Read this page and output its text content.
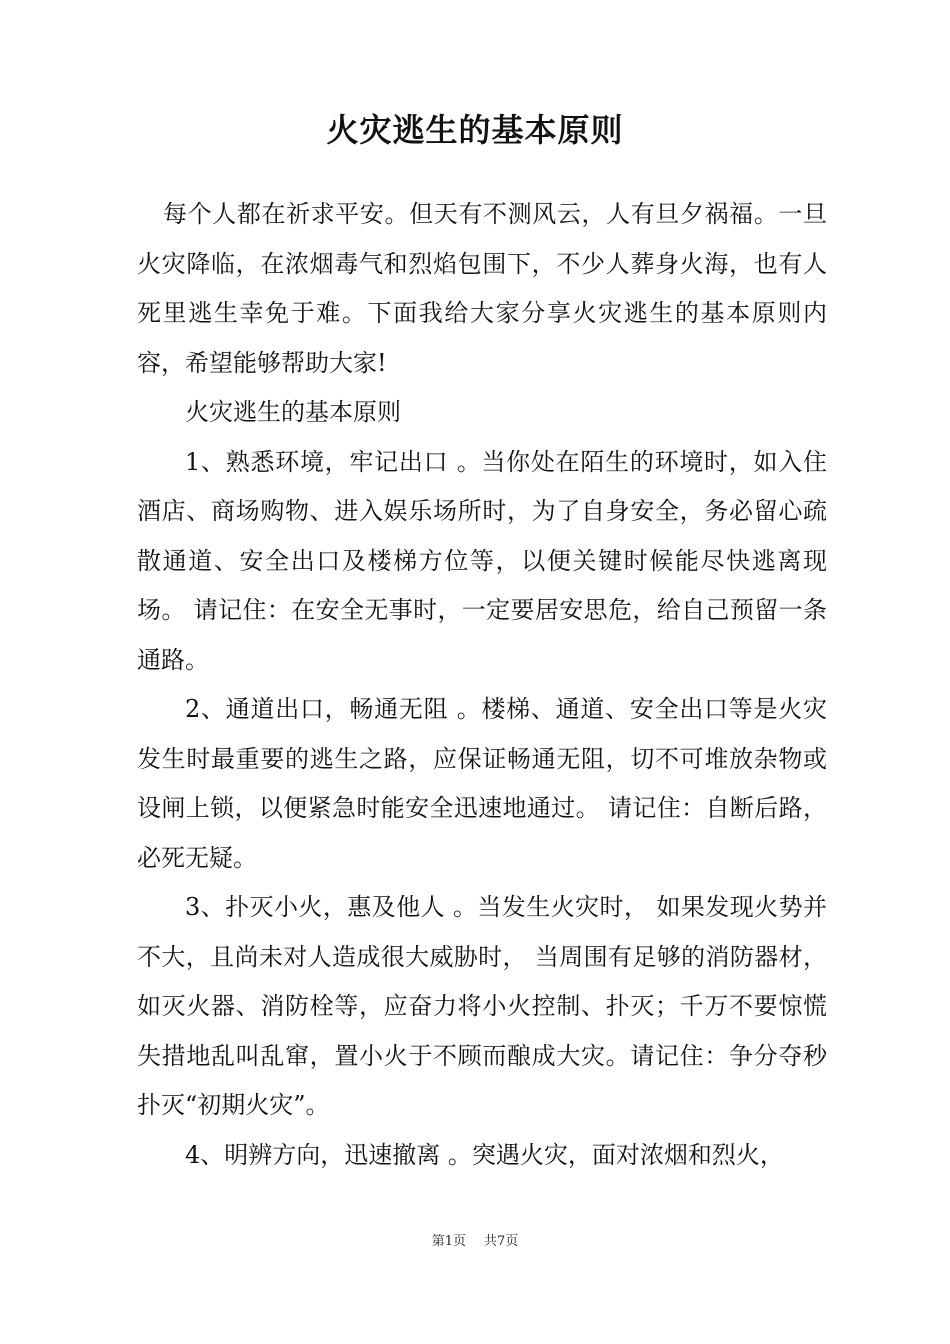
火灾逃生的基本原则

每个人都在祈求平安。但天有不测风云，人有旦夕祸福。一旦火灾降临，在浓烟毒气和烈焰包围下，不少人葬身火海，也有人死里逃生幸免于难。下面我给大家分享火灾逃生的基本原则内容，希望能够帮助大家!

火灾逃生的基本原则

1、熟悉环境，牢记出口 。当你处在陌生的环境时，如入住酒店、商场购物、进入娱乐场所时，为了自身安全，务必留心疏散通道、安全出口及楼梯方位等，以便关键时候能尽快逃离现场。 请记住：在安全无事时，一定要居安思危，给自己预留一条通路。

2、通道出口，畅通无阻 。楼梯、通道、安全出口等是火灾发生时最重要的逃生之路，应保证畅通无阻，切不可堆放杂物或设闸上锁，以便紧急时能安全迅速地通过。 请记住：自断后路，必死无疑。

3、扑灭小火，惠及他人 。当发生火灾时， 如果发现火势并不大，且尚未对人造成很大威胁时， 当周围有足够的消防器材， 如灭火器、消防栓等，应奋力将小火控制、扑灭；千万不要惊慌失措地乱叫乱窜，置小火于不顾而酿成大灾。请记住：争分夺秒扑灭“初期火灾”。

4、明辨方向，迅速撤离 。突遇火灾，面对浓烟和烈火，

第1页 共7页
